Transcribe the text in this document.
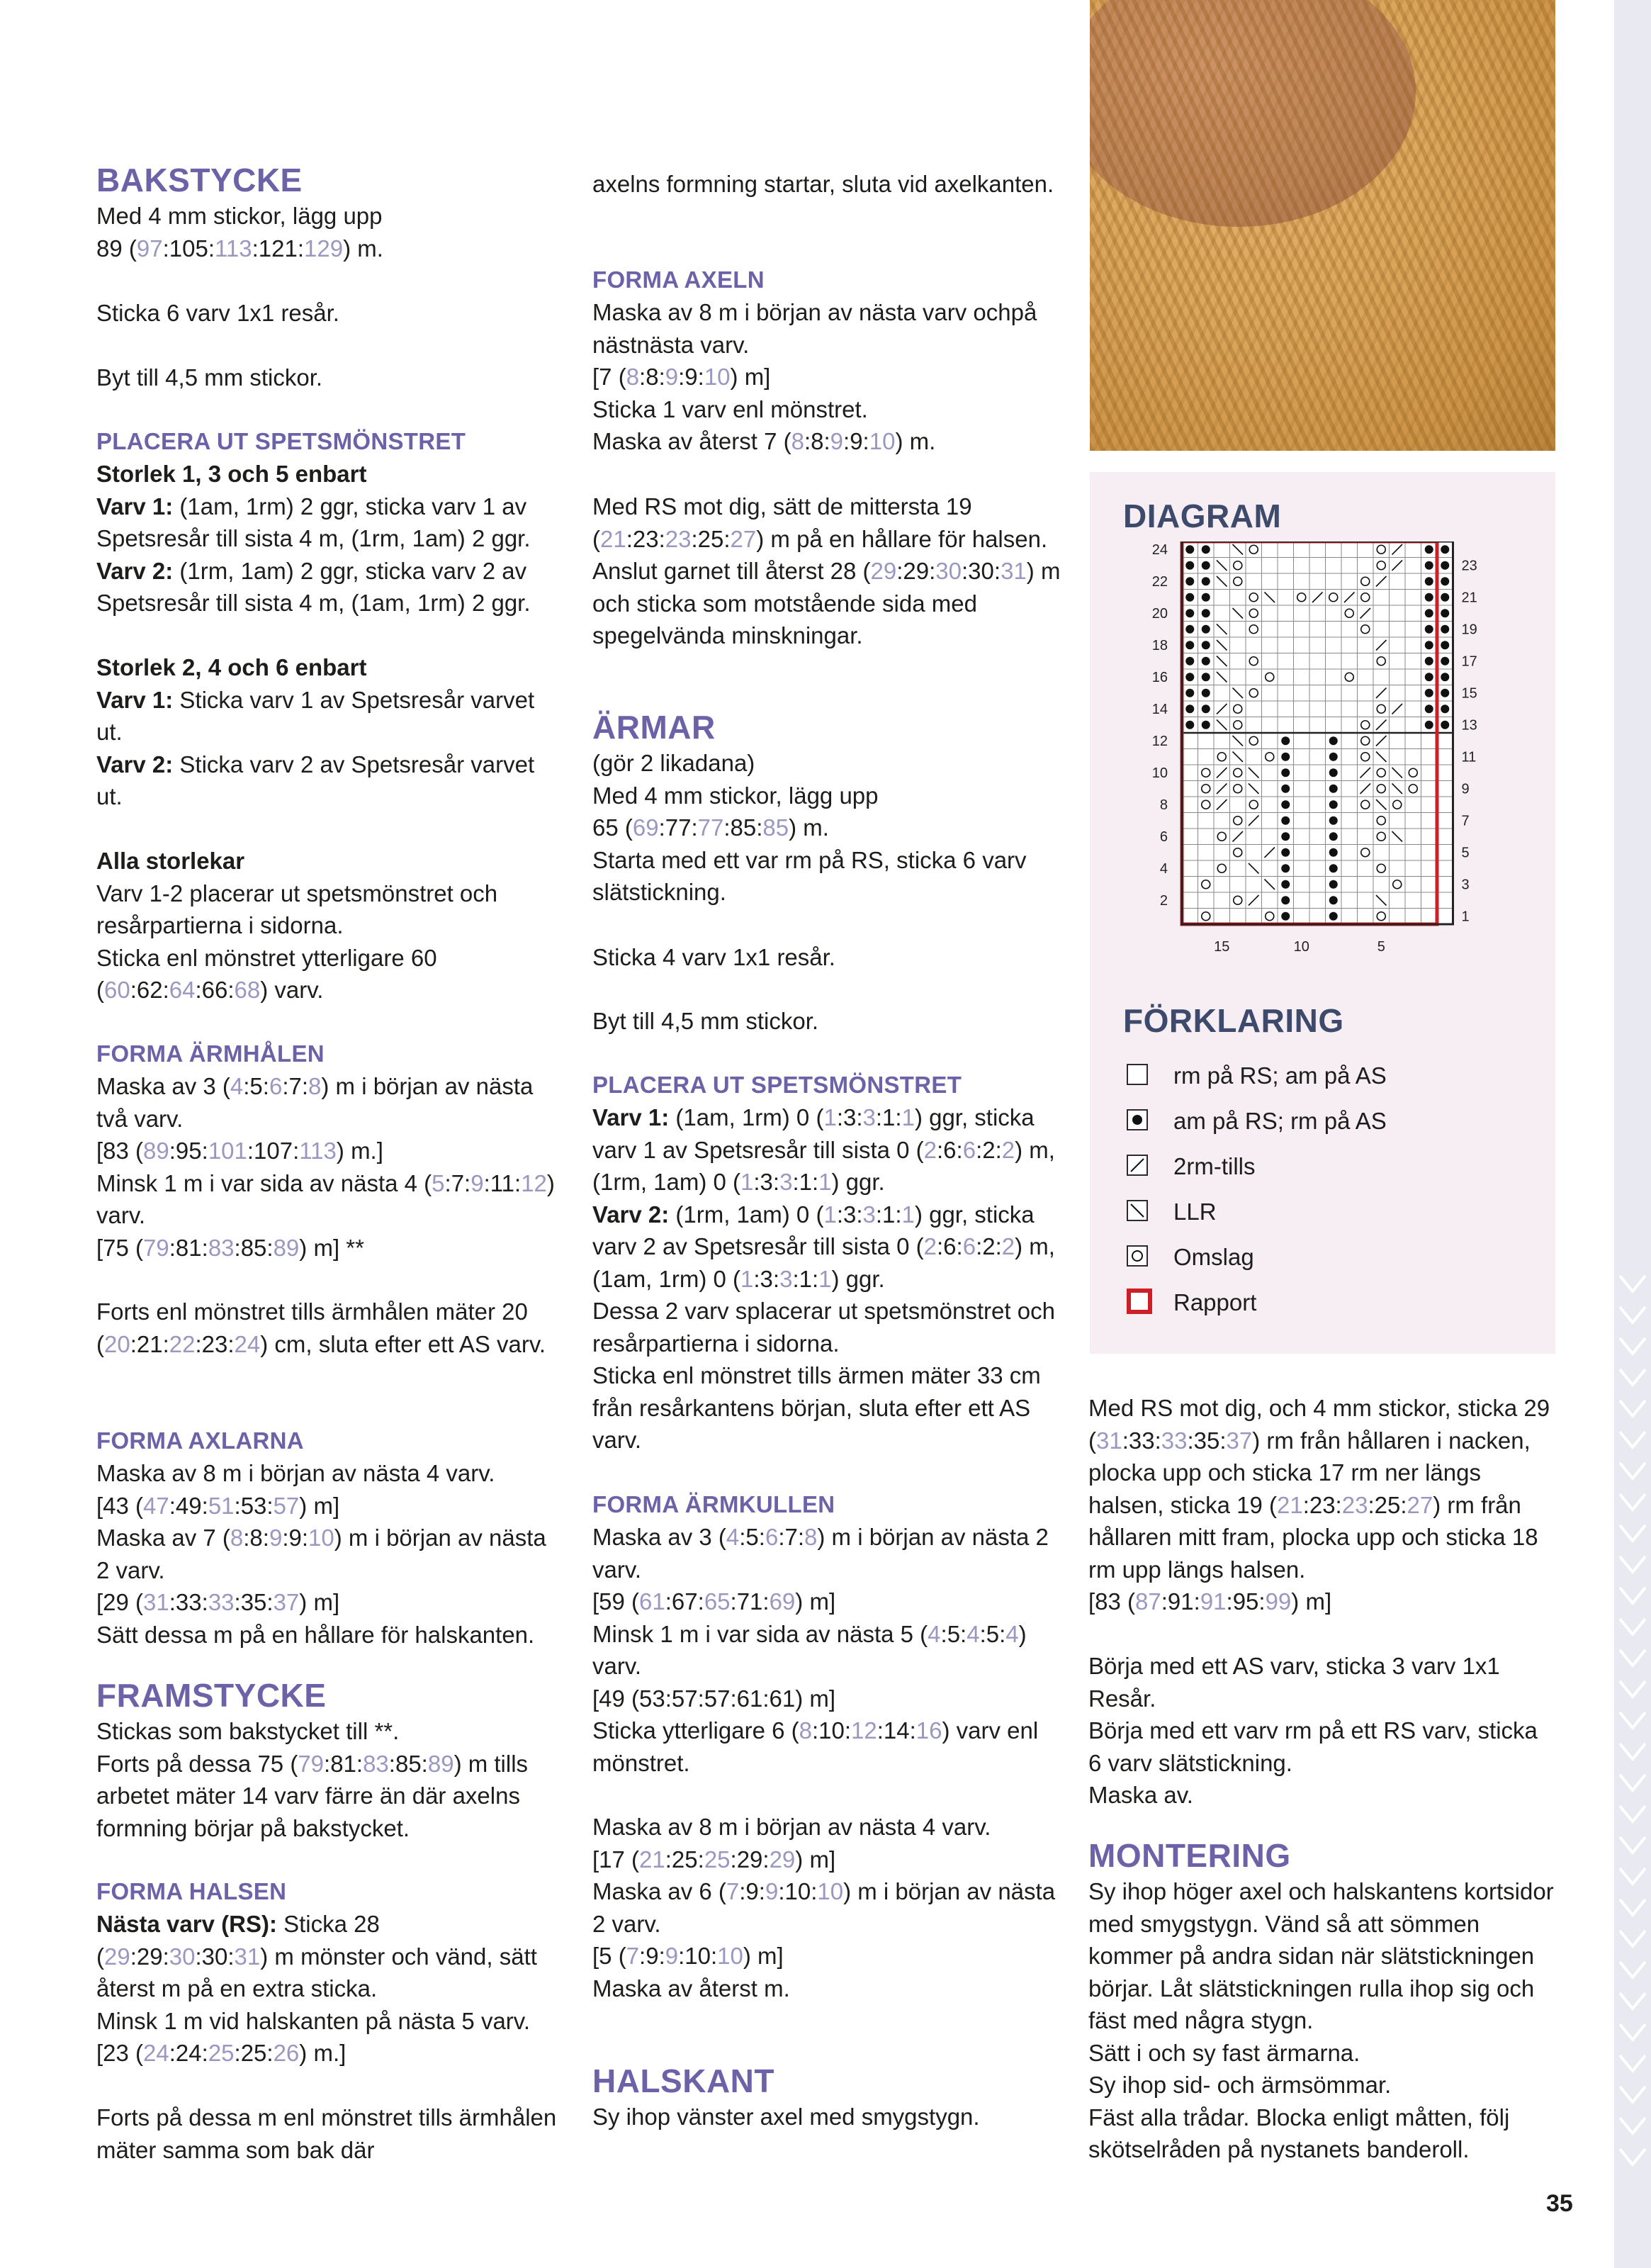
BAKSTYCKE

Med 4 mm stickor, lägg upp

89 (97:105:113:121:129) m.

Sticka 6 varv 1x1 resår.

Byt till 4,5 mm stickor.

PLACERA UT SPETSMÖNSTRET

Storlek 1, 3 och 5 enbart

Varv 1: (1am, 1rm) 2 ggr, sticka varv 1 av Spetsresår till sista 4 m, (1rm, 1am) 2 ggr.

Varv 2: (1rm, 1am) 2 ggr, sticka varv 2 av Spetsresår till sista 4 m, (1am, 1rm) 2 ggr.

Storlek 2, 4 och 6 enbart

Varv 1: Sticka varv 1 av Spetsresår varvet ut.

Varv 2: Sticka varv 2 av Spetsresår varvet ut.

Alla storlekar

Varv 1-2 placerar ut spetsmönstret och resårpartierna i sidorna.

Sticka enl mönstret ytterligare 60 (60:62:64:66:68) varv.

FORMA ÄRMHÅLEN

Maska av 3 (4:5:6:7:8) m i början av nästa två varv.

[83 (89:95:101:107:113) m.]

Minsk 1 m i var sida av nästa 4 (5:7:9:11:12) varv.

[75 (79:81:83:85:89) m] **

Forts enl mönstret tills ärmhålen mäter 20 (20:21:22:23:24) cm, sluta efter ett AS varv.

FORMA AXLARNA

Maska av 8 m i början av nästa 4 varv.

[43 (47:49:51:53:57) m]

Maska av 7 (8:8:9:9:10) m i början av nästa 2 varv.

[29 (31:33:33:35:37) m]

Sätt dessa m på en hållare för halskanten.

FRAMSTYCKE

Stickas som bakstycket till **.

Forts på dessa 75 (79:81:83:85:89) m tills arbetet mäter 14 varv färre än där axelns formning börjar på bakstycket.

FORMA HALSEN

Nästa varv (RS): Sticka 28 (29:29:30:30:31) m mönster och vänd, sätt återst m på en extra sticka.

Minsk 1 m vid halskanten på nästa 5 varv.

[23 (24:24:25:25:26) m.]

Forts på dessa m enl mönstret tills ärmhålen mäter samma som bak där

axelns formning startar, sluta vid axelkanten.

FORMA AXELN

Maska av 8 m i början av nästa varv ochpå nästnästa varv.

[7 (8:8:9:9:10) m]

Sticka 1 varv enl mönstret.

Maska av återst 7 (8:8:9:9:10) m.

Med RS mot dig, sätt de mittersta 19 (21:23:23:25:27) m på en hållare för halsen.

Anslut garnet till återst 28 (29:29:30:30:31) m och sticka som motstående sida med spegelvända minskningar.

ÄRMAR

(gör 2 likadana)

Med 4 mm stickor, lägg upp

65 (69:77:77:85:85) m.

Starta med ett var rm på RS, sticka 6 varv slätstickning.

Sticka 4 varv 1x1 resår.

Byt till 4,5 mm stickor.

PLACERA UT SPETSMÖNSTRET

Varv 1: (1am, 1rm) 0 (1:3:3:1:1) ggr, sticka varv 1 av Spetsresår till sista 0 (2:6:6:2:2) m, (1rm, 1am) 0 (1:3:3:1:1) ggr.

Varv 2: (1rm, 1am) 0 (1:3:3:1:1) ggr, sticka varv 2 av Spetsresår till sista 0 (2:6:6:2:2) m, (1am, 1rm) 0 (1:3:3:1:1) ggr.

Dessa 2 varv splacerar ut spetsmönstret och resårpartierna i sidorna.

Sticka enl mönstret tills ärmen mäter 33 cm från resårkantens början, sluta efter ett AS varv.

FORMA ÄRMKULLEN

Maska av 3 (4:5:6:7:8) m i början av nästa 2 varv.

[59 (61:67:65:71:69) m]

Minsk 1 m i var sida av nästa 5 (4:5:4:5:4) varv.

[49 (53:57:57:61:61) m]

Sticka ytterligare 6 (8:10:12:14:16) varv enl mönstret.

Maska av 8 m i början av nästa 4 varv.

[17 (21:25:25:29:29) m]

Maska av 6 (7:9:9:10:10) m i början av nästa 2 varv.

[5 (7:9:9:10:10) m]

Maska av återst m.

HALSKANT

Sy ihop vänster axel med smygstygn.

DIAGRAM
24
22
20
18
16
14
12
10
8
6
4
2
23
21
19
17
15
13
11
9
7
5
3
1
15	10	5
FÖRKLARING
rm på RS; am på AS
am på RS; rm på AS
2rm-tills
LLR
Omslag
Rapport

Med RS mot dig, och 4 mm stickor, sticka 29 (31:33:33:35:37) rm från hållaren i nacken, plocka upp och sticka 17 rm ner längs halsen, sticka 19 (21:23:23:25:27) rm från hållaren mitt fram, plocka upp och sticka 18 rm upp längs halsen.

[83 (87:91:91:95:99) m]

Börja med ett AS varv, sticka 3 varv 1x1 Resår.

Börja med ett varv rm på ett RS varv, sticka 6 varv slätstickning.

Maska av.

MONTERING

Sy ihop höger axel och halskantens kortsidor med smygstygn. Vänd så att sömmen kommer på andra sidan när slätstickningen börjar. Låt slätstickningen rulla ihop sig och fäst med några stygn.

Sätt i och sy fast ärmarna.

Sy ihop sid- och ärmsömmar.

Fäst alla trådar. Blocka enligt måtten, följ skötselråden på nystanets banderoll.

35
